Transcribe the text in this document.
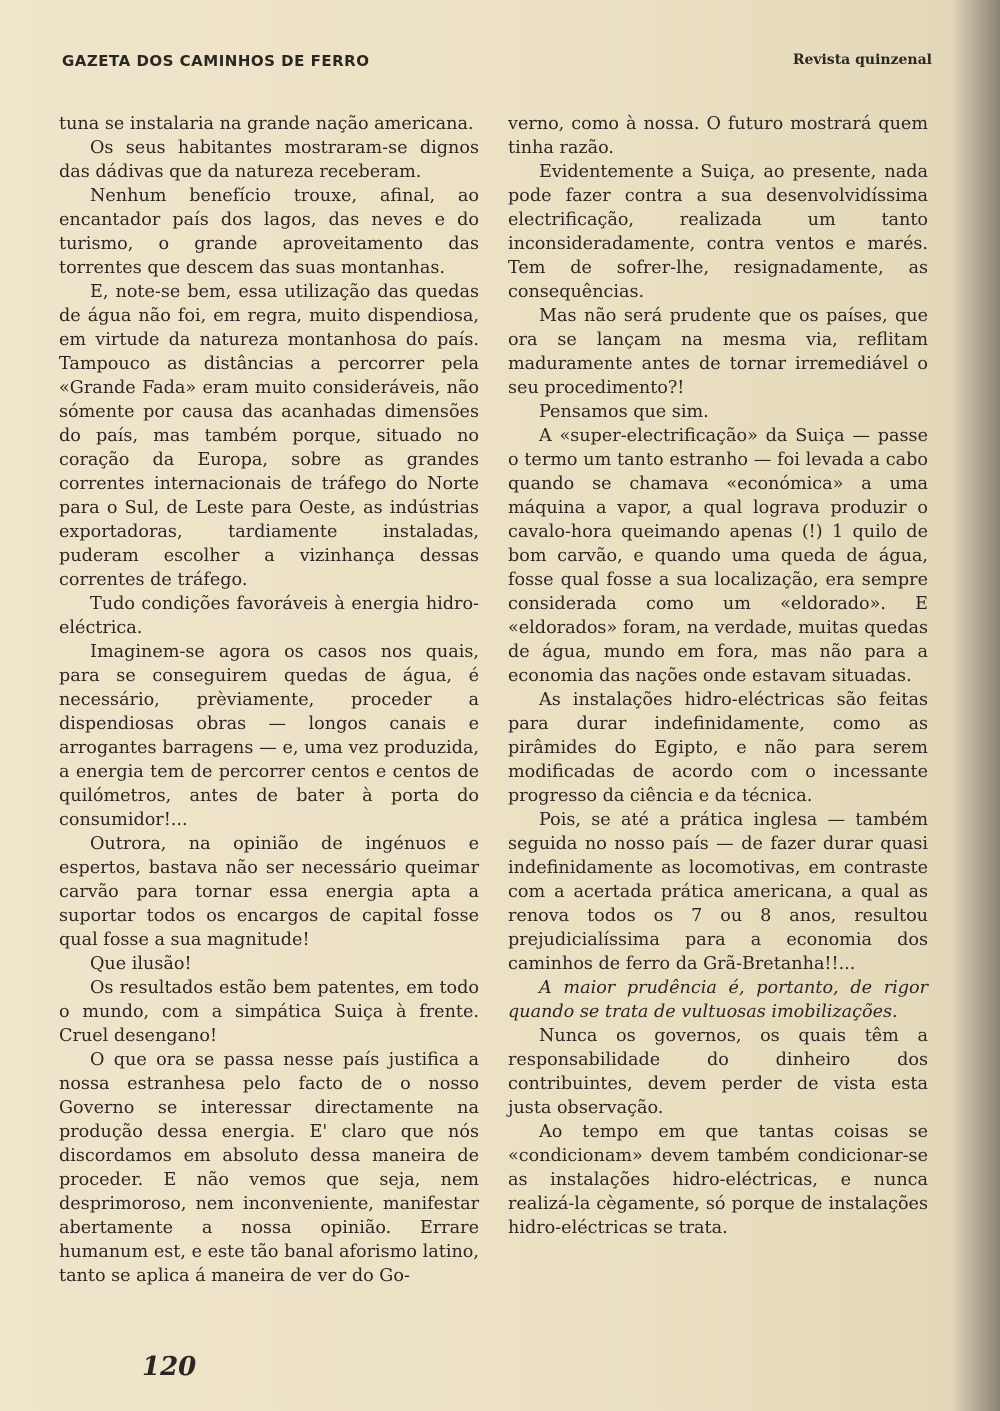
GAZETA DOS CAMINHOS DE FERRO	Revista quinzenal

tuna se instalaria na grande nação americana.

Os seus habitantes mostraram-se dignos das dádivas que da natureza receberam.

Nenhum benefício trouxe, afinal, ao encantador país dos lagos, das neves e do turismo, o grande aproveitamento das torrentes que descem das suas montanhas.

E, note-se bem, essa utilização das quedas de água não foi, em regra, muito dispendiosa, em virtude da natureza montanhosa do país. Tampouco as distâncias a percorrer pela «Grande Fada» eram muito consideráveis, não sómente por causa das acanhadas dimensões do país, mas também porque, situado no coração da Europa, sobre as grandes correntes internacionais de tráfego do Norte para o Sul, de Leste para Oeste, as indústrias exportadoras, tardiamente instaladas, puderam escolher a vizinhança dessas correntes de tráfego.

Tudo condições favoráveis à energia hidro-eléctrica.

Imaginem-se agora os casos nos quais, para se conseguirem quedas de água, é necessário, prèviamente, proceder a dispendiosas obras — longos canais e arrogantes barragens — e, uma vez produzida, a energia tem de percorrer centos e centos de quilómetros, antes de bater à porta do consumidor!...

Outrora, na opinião de ingénuos e espertos, bastava não ser necessário queimar carvão para tornar essa energia apta a suportar todos os encargos de capital fosse qual fosse a sua magnitude!

Que ilusão!

Os resultados estão bem patentes, em todo o mundo, com a simpática Suiça à frente. Cruel desengano!

O que ora se passa nesse país justifica a nossa estranhesa pelo facto de o nosso Governo se interessar directamente na produção dessa energia. E' claro que nós discordamos em absoluto dessa maneira de proceder. E não vemos que seja, nem desprimoroso, nem inconveniente, manifestar abertamente a nossa opinião. Errare humanum est, e este tão banal aforismo latino, tanto se aplica á maneira de ver do Go-

verno, como à nossa. O futuro mostrará quem tinha razão.

Evidentemente a Suiça, ao presente, nada pode fazer contra a sua desenvolvidíssima electrificação, realizada um tanto inconsideradamente, contra ventos e marés. Tem de sofrer-lhe, resignadamente, as consequências.

Mas não será prudente que os países, que ora se lançam na mesma via, reflitam maduramente antes de tornar irremediável o seu procedimento?!

Pensamos que sim.

A «super-electrificação» da Suiça — passe o termo um tanto estranho — foi levada a cabo quando se chamava «económica» a uma máquina a vapor, a qual lograva produzir o cavalo-hora queimando apenas (!) 1 quilo de bom carvão, e quando uma queda de água, fosse qual fosse a sua localização, era sempre considerada como um «eldorado». E «eldorados» foram, na verdade, muitas quedas de água, mundo em fora, mas não para a economia das nações onde estavam situadas.

As instalações hidro-eléctricas são feitas para durar indefinidamente, como as pirâmides do Egipto, e não para serem modificadas de acordo com o incessante progresso da ciência e da técnica.

Pois, se até a prática inglesa — também seguida no nosso país — de fazer durar quasi indefinidamente as locomotivas, em contraste com a acertada prática americana, a qual as renova todos os 7 ou 8 anos, resultou prejudicialíssima para a economia dos caminhos de ferro da Grã-Bretanha!!...

A maior prudência é, portanto, de rigor quando se trata de vultuosas imobilizações.

Nunca os governos, os quais têm a responsabilidade do dinheiro dos contribuintes, devem perder de vista esta justa observação.

Ao tempo em que tantas coisas se «condicionam» devem também condicionar-se as instalações hidro-eléctricas, e nunca realizá-la cègamente, só porque de instalações hidro-eléctricas se trata.

120
